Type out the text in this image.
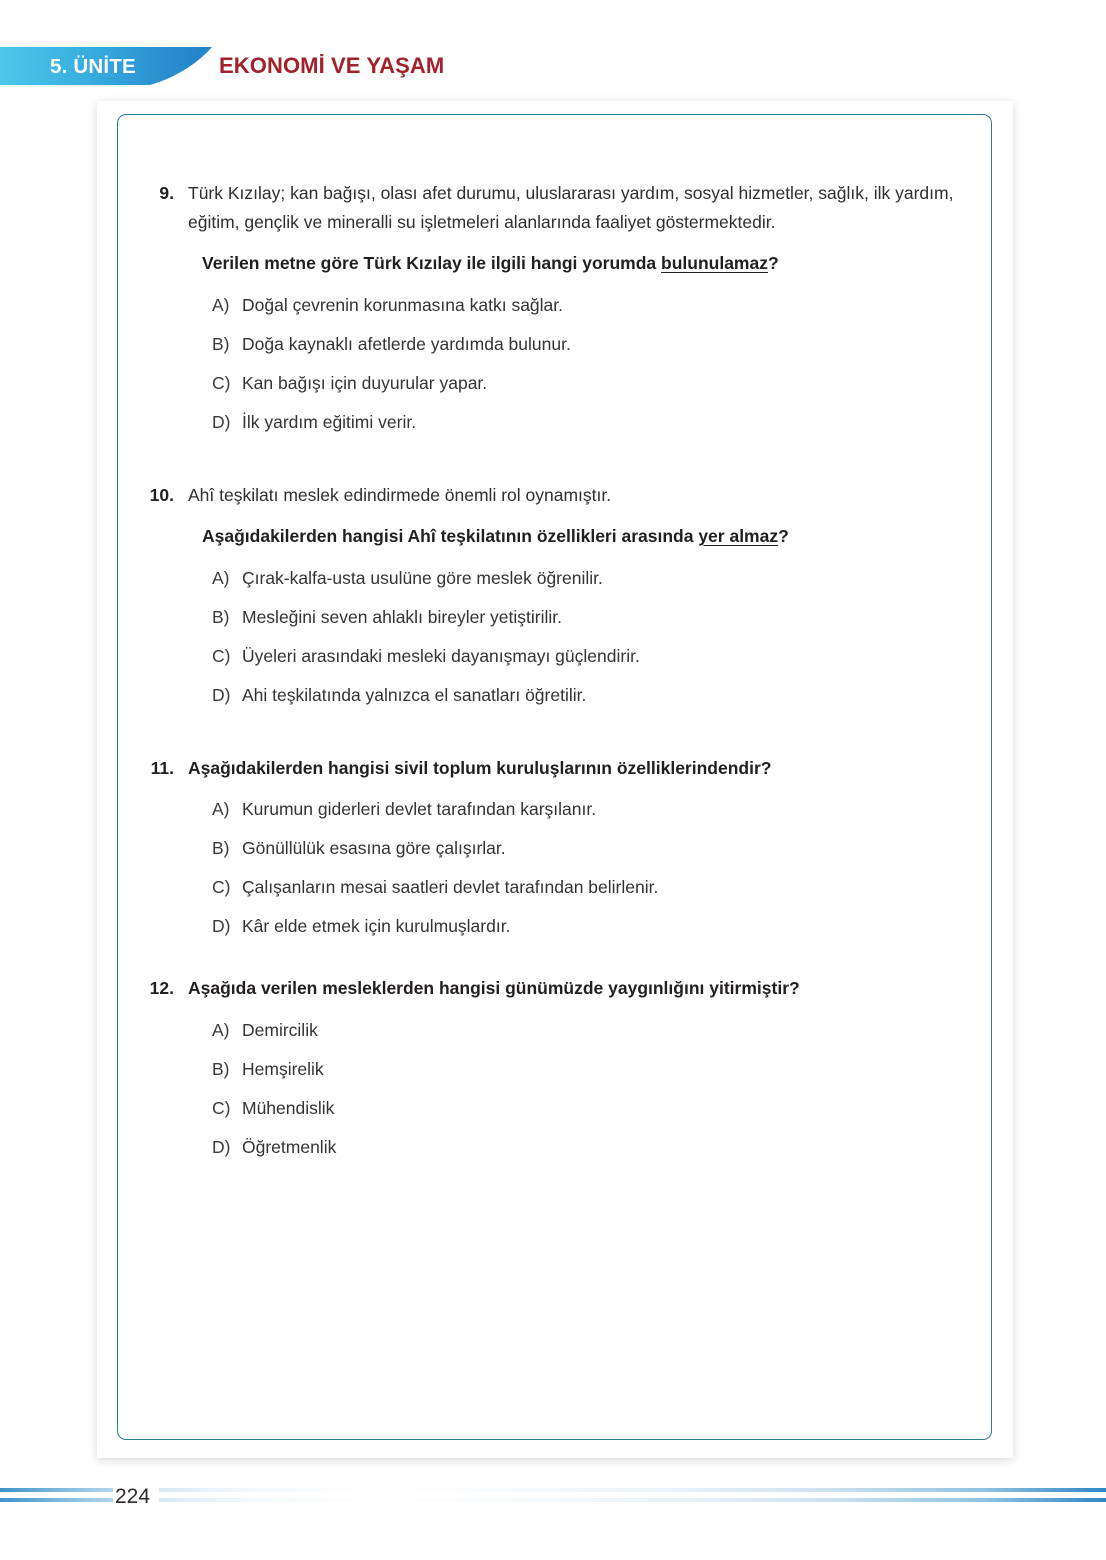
5. ÜNİTE	EKONOMİ VE YAŞAM
9. Türk Kızılay; kan bağışı, olası afet durumu, uluslararası yardım, sosyal hizmetler, sağlık, ilk yardım, eğitim, gençlik ve mineralli su işletmeleri alanlarında faaliyet göstermektedir.
Verilen metne göre Türk Kızılay ile ilgili hangi yorumda bulunulamaz?
A) Doğal çevrenin korunmasına katkı sağlar.
B) Doğa kaynaklı afetlerde yardımda bulunur.
C) Kan bağışı için duyurular yapar.
D) İlk yardım eğitimi verir.
10. Ahî teşkilatı meslek edindirmede önemli rol oynamıştır.
Aşağıdakilerden hangisi Ahî teşkilatının özellikleri arasında yer almaz?
A) Çırak-kalfa-usta usulüne göre meslek öğrenilir.
B) Mesleğini seven ahlaklı bireyler yetiştirilir.
C) Üyeleri arasındaki mesleki dayanışmayı güçlendirir.
D) Ahi teşkilatında yalnızca el sanatları öğretilir.
11. Aşağıdakilerden hangisi sivil toplum kuruluşlarının özelliklerindendir?
A) Kurumun giderleri devlet tarafından karşılanır.
B) Gönüllülük esasına göre çalışırlar.
C) Çalışanların mesai saatleri devlet tarafından belirlenir.
D) Kâr elde etmek için kurulmuşlardır.
12. Aşağıda verilen mesleklerden hangisi günümüzde yaygınlığını yitirmiştir?
A) Demircilik
B) Hemşirelik
C) Mühendislik
D) Öğretmenlik
224
